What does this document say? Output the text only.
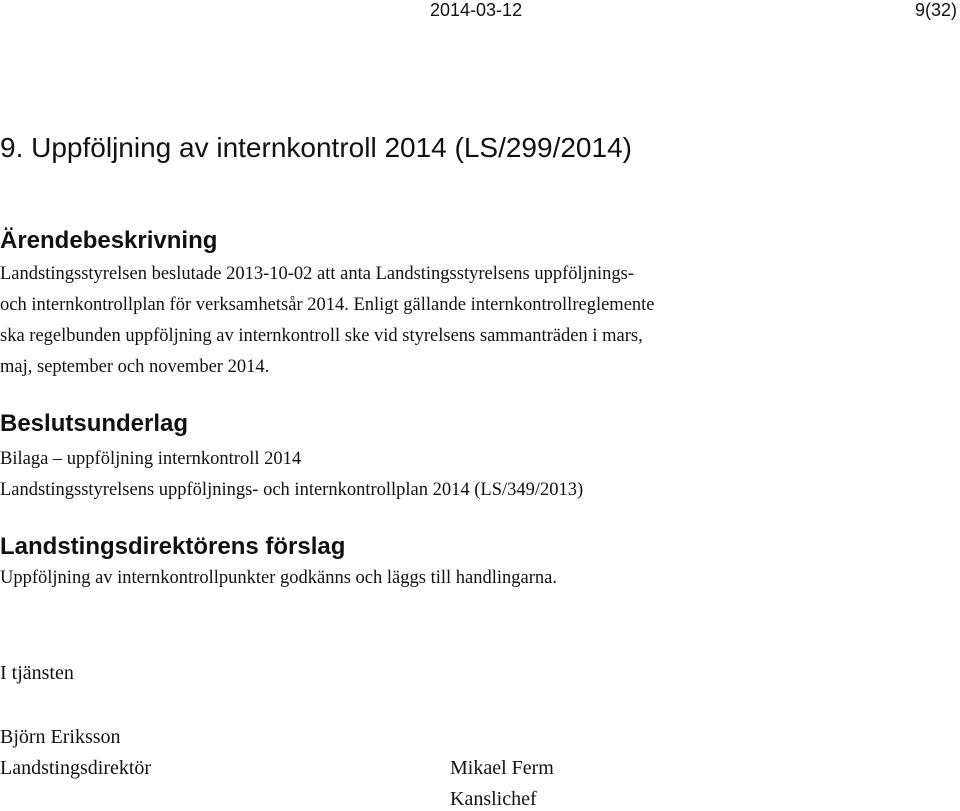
2014-03-12	9(32)
9. Uppföljning av internkontroll 2014 (LS/299/2014)
Ärendebeskrivning
Landstingsstyrelsen beslutade 2013-10-02 att anta Landstingsstyrelsens uppföljnings-
och internkontrollplan för verksamhetsår 2014. Enligt gällande internkontrollreglemente
ska regelbunden uppföljning av internkontroll ske vid styrelsens sammanträden i mars,
maj, september och november 2014.
Beslutsunderlag
Bilaga – uppföljning internkontroll 2014
Landstingsstyrelsens uppföljnings- och internkontrollplan 2014 (LS/349/2013)
Landstingsdirektörens förslag
Uppföljning av internkontrollpunkter godkänns och läggs till handlingarna.
I tjänsten
Björn Eriksson
Landstingsdirektör	Mikael Ferm
Kanslichef
